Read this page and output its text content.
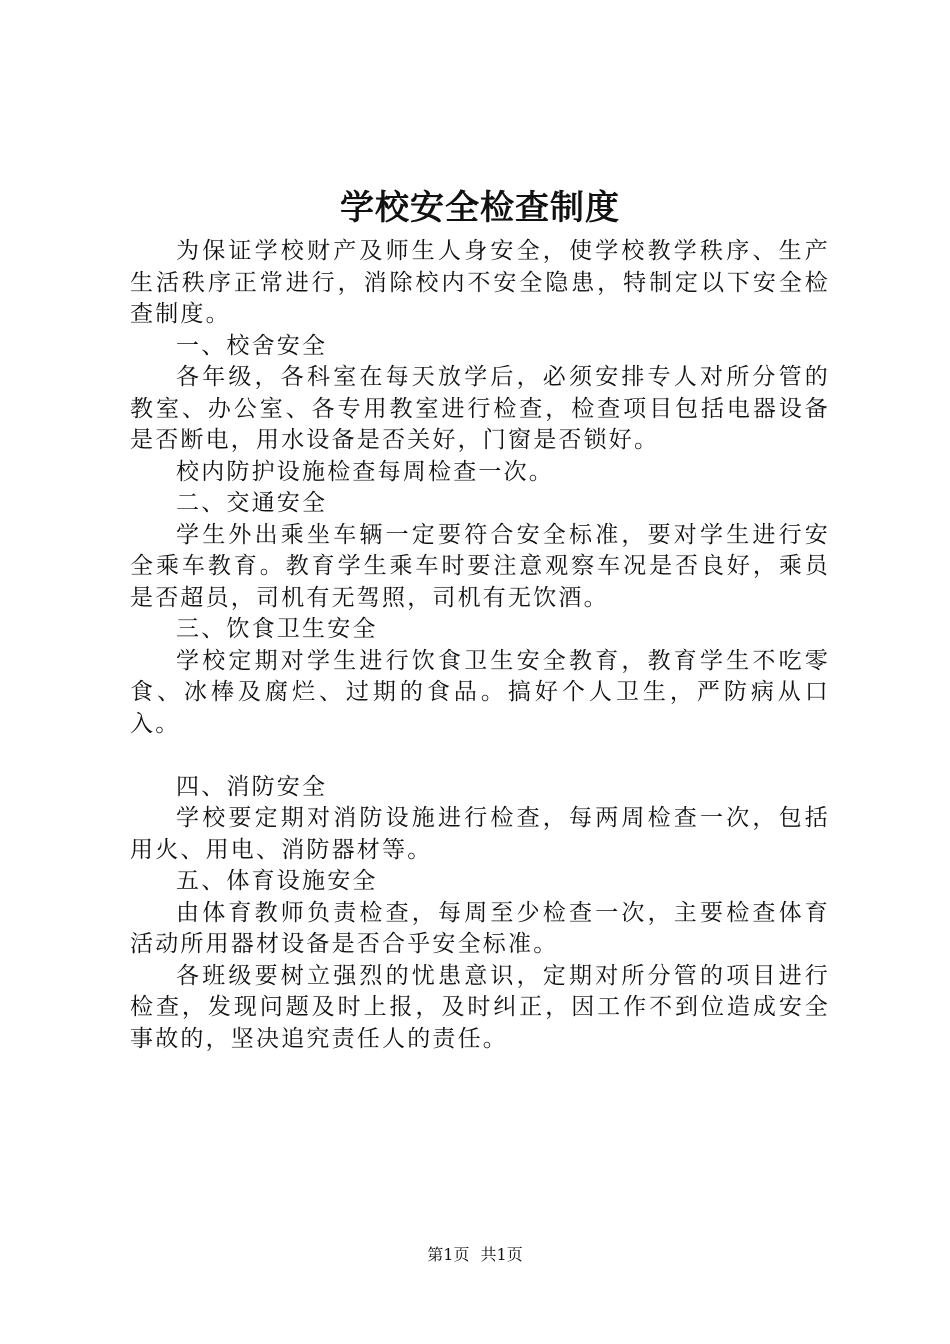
学校安全检查制度

为保证学校财产及师生人身安全，使学校教学秩序、生产生活秩序正常进行，消除校内不安全隐患，特制定以下安全检查制度。

一、校舍安全

各年级，各科室在每天放学后，必须安排专人对所分管的教室、办公室、各专用教室进行检查，检查项目包括电器设备是否断电，用水设备是否关好，门窗是否锁好。

校内防护设施检查每周检查一次。

二、交通安全

学生外出乘坐车辆一定要符合安全标准，要对学生进行安全乘车教育。教育学生乘车时要注意观察车况是否良好，乘员是否超员，司机有无驾照，司机有无饮酒。

三、饮食卫生安全

学校定期对学生进行饮食卫生安全教育，教育学生不吃零食、冰棒及腐烂、过期的食品。搞好个人卫生，严防病从口入。

四、消防安全

学校要定期对消防设施进行检查，每两周检查一次，包括用火、用电、消防器材等。

五、体育设施安全

由体育教师负责检查，每周至少检查一次，主要检查体育活动所用器材设备是否合乎安全标准。

各班级要树立强烈的忧患意识，定期对所分管的项目进行检查，发现问题及时上报，及时纠正，因工作不到位造成安全事故的，坚决追究责任人的责任。

第1页 共1页
